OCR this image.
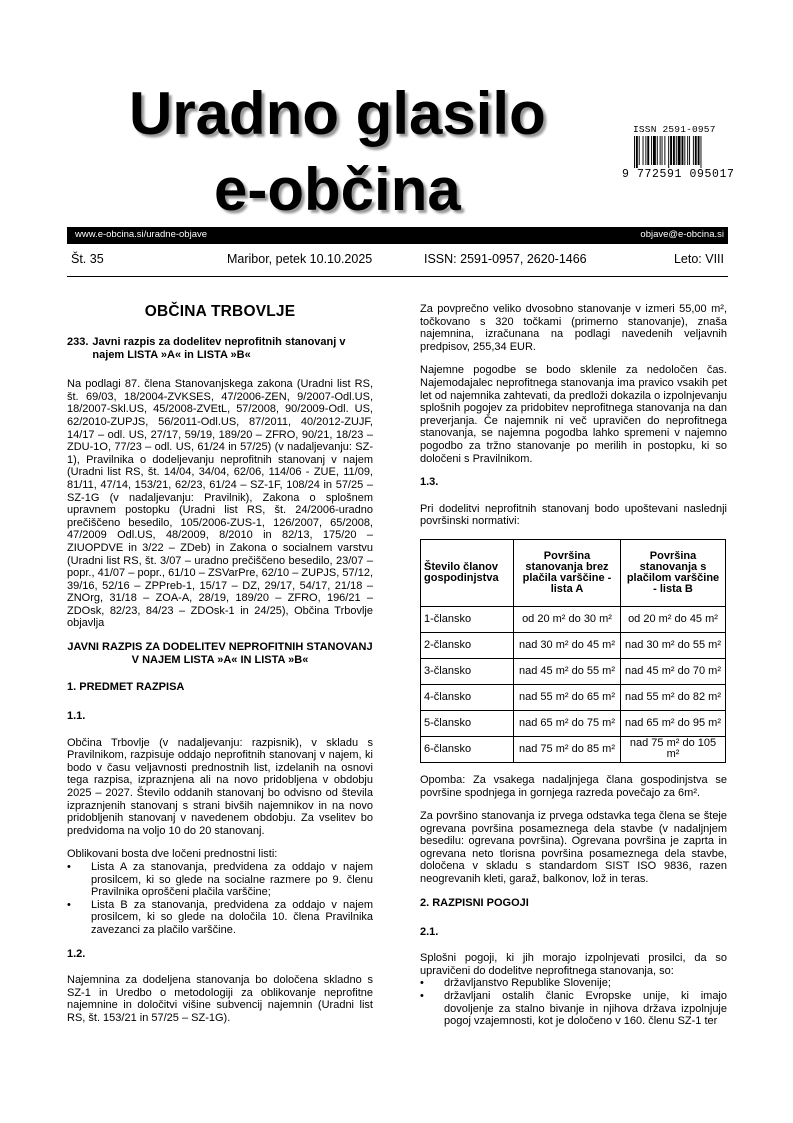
Uradno glasilo
e-občina
ISSN 2591-0957
9 772591 095017
www.e-obcina.si/uradne-objave	objave@e-obcina.si
Št. 35	Maribor, petek 10.10.2025	ISSN: 2591-0957, 2620-1466	Leto: VIII
OBČINA TRBOVLJE
233. Javni razpis za dodelitev neprofitnih stanovanj v najem LISTA »A« in LISTA »B«

Na podlagi 87. člena Stanovanjskega zakona (Uradni list RS, št. 69/03, 18/2004-ZVKSES, 47/2006-ZEN, 9/2007-Odl.US, 18/2007-Skl.US, 45/2008-ZVEtL, 57/2008, 90/2009-Odl. US, 62/2010-ZUPJS, 56/2011-Odl.US, 87/2011, 40/2012-ZUJF, 14/17 – odl. US, 27/17, 59/19, 189/20 – ZFRO, 90/21, 18/23 – ZDU-1O, 77/23 – odl. US, 61/24 in 57/25) (v nadaljevanju: SZ-1), Pravilnika o dodeljevanju neprofitnih stanovanj v najem (Uradni list RS, št. 14/04, 34/04, 62/06, 114/06 - ZUE, 11/09, 81/11, 47/14, 153/21, 62/23, 61/24 – SZ-1F, 108/24 in 57/25 – SZ-1G (v nadaljevanju: Pravilnik), Zakona o splošnem upravnem postopku (Uradni list RS, št. 24/2006-uradno prečiščeno besedilo, 105/2006-ZUS-1, 126/2007, 65/2008, 47/2009 Odl.US, 48/2009, 8/2010 in 82/13, 175/20 – ZIUOPDVE in 3/22 – ZDeb) in Zakona o socialnem varstvu (Uradni list RS, št. 3/07 – uradno prečiščeno besedilo, 23/07 – popr., 41/07 – popr., 61/10 – ZSVarPre, 62/10 – ZUPJS, 57/12, 39/16, 52/16 – ZPPreb-1, 15/17 – DZ, 29/17, 54/17, 21/18 – ZNOrg, 31/18 – ZOA-A, 28/19, 189/20 – ZFRO, 196/21 – ZDOsk, 82/23, 84/23 – ZDOsk-1 in 24/25), Občina Trbovlje objavlja

JAVNI RAZPIS ZA DODELITEV NEPROFITNIH STANOVANJ V NAJEM LISTA »A« IN LISTA »B«
1. PREDMET RAZPISA
1.1.

Občina Trbovlje (v nadaljevanju: razpisnik), v skladu s Pravilnikom, razpisuje oddajo neprofitnih stanovanj v najem, ki bodo v času veljavnosti prednostnih list, izdelanih na osnovi tega razpisa, izpraznjena ali na novo pridobljena v obdobju 2025 – 2027. Število oddanih stanovanj bo odvisno od števila izpraznjenih stanovanj s strani bivših najemnikov in na novo pridobljenih stanovanj v navedenem obdobju. Za vselitev bo predvidoma na voljo 10 do 20 stanovanj.

Oblikovani bosta dve ločeni prednostni listi:

• Lista A za stanovanja, predvidena za oddajo v najem prosilcem, ki so glede na socialne razmere po 9. členu Pravilnika oproščeni plačila varščine;
• Lista B za stanovanja, predvidena za oddajo v najem prosilcem, ki so glede na določila 10. člena Pravilnika zavezanci za plačilo varščine.
1.2.

Najemnina za dodeljena stanovanja bo določena skladno s SZ-1 in Uredbo o metodologiji za oblikovanje neprofitne najemnine in določitvi višine subvencij najemnin (Uradni list RS, št. 153/21 in 57/25 – SZ-1G).

Za povprečno veliko dvosobno stanovanje v izmeri 55,00 m², točkovano s 320 točkami (primerno stanovanje), znaša najemnina, izračunana na podlagi navedenih veljavnih predpisov, 255,34 EUR.

Najemne pogodbe se bodo sklenile za nedoločen čas. Najemodajalec neprofitnega stanovanja ima pravico vsakih pet let od najemnika zahtevati, da predloži dokazila o izpolnjevanju splošnih pogojev za pridobitev neprofitnega stanovanja na dan preverjanja. Če najemnik ni več upravičen do neprofitnega stanovanja, se najemna pogodba lahko spremeni v najemno pogodbo za tržno stanovanje po merilih in postopku, ki so določeni s Pravilnikom.

1.3.

Pri dodelitvi neprofitnih stanovanj bodo upoštevani naslednji površinski normativi:

Število članov gospodinjstva	Površina stanovanja brez plačila varščine - lista A	Površina stanovanja s plačilom varščine - lista B
1-člansko	od 20 m² do 30 m²	od 20 m² do 45 m²
2-člansko	nad 30 m² do 45 m²	nad 30 m² do 55 m²
3-člansko	nad 45 m² do 55 m²	nad 45 m² do 70 m²
4-člansko	nad 55 m² do 65 m²	nad 55 m² do 82 m²
5-člansko	nad 65 m² do 75 m²	nad 65 m² do 95 m²
6-člansko	nad 75 m² do 85 m²	nad 75 m² do 105 m²

Opomba: Za vsakega nadaljnjega člana gospodinjstva se površine spodnjega in gornjega razreda povečajo za 6m².

Za površino stanovanja iz prvega odstavka tega člena se šteje ogrevana površina posameznega dela stavbe (v nadaljnjem besedilu: ogrevana površina). Ogrevana površina je zaprta in ogrevana neto tlorisna površina posameznega dela stavbe, določena v skladu s standardom SIST ISO 9836, razen neogrevanih kleti, garaž, balkonov, lož in teras.

2. RAZPISNI POGOJI
2.1.

Splošni pogoji, ki jih morajo izpolnjevati prosilci, da so upravičeni do dodelitve neprofitnega stanovanja, so:

• državljanstvo Republike Slovenije;
• državljani ostalih članic Evropske unije, ki imajo dovoljenje za stalno bivanje in njihova država izpolnjuje pogoj vzajemnosti, kot je določeno v 160. členu SZ-1 ter
